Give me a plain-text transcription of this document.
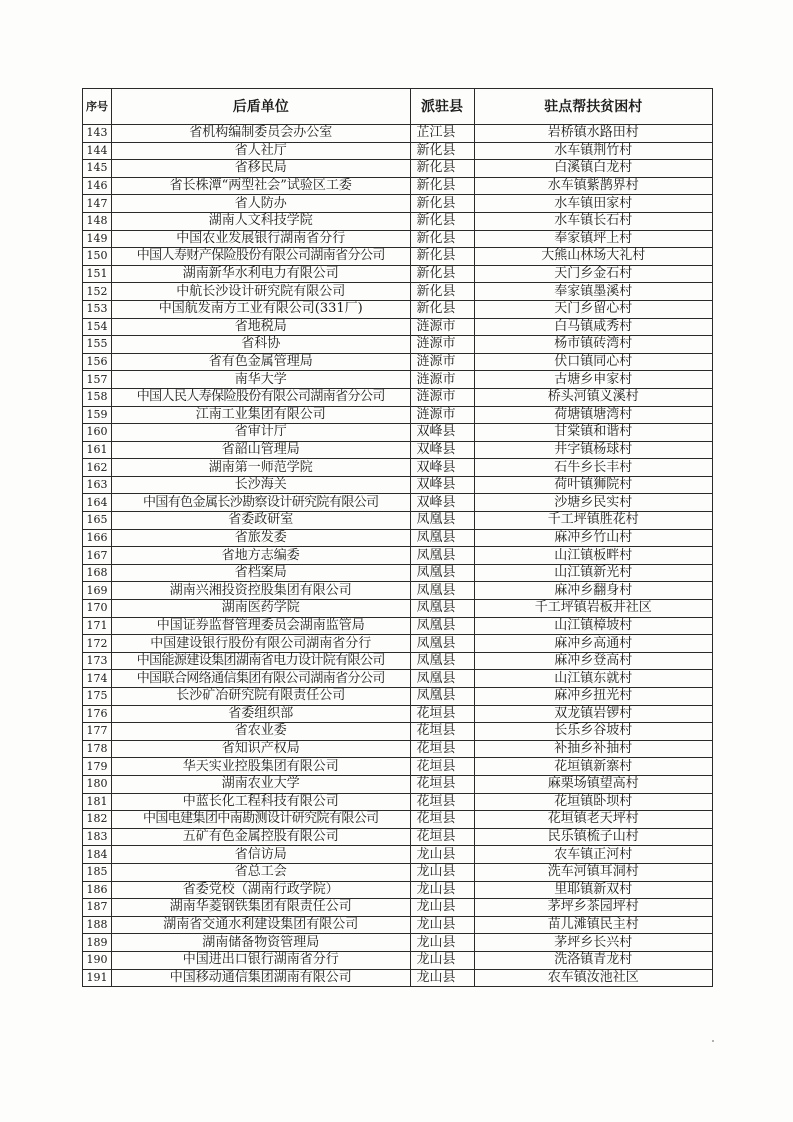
序号	后盾单位	派驻县	驻点帮扶贫困村
143	省机构编制委员会办公室	芷江县	岩桥镇水路田村
144	省人社厅	新化县	水车镇荆竹村
145	省移民局	新化县	白溪镇白龙村
146	省长株潭“两型社会”试验区工委	新化县	水车镇紫鹊界村
147	省人防办	新化县	水车镇田家村
148	湖南人文科技学院	新化县	水车镇长石村
149	中国农业发展银行湖南省分行	新化县	奉家镇坪上村
150	中国人寿财产保险股份有限公司湖南省分公司	新化县	大熊山林场大礼村
151	湖南新华水利电力有限公司	新化县	天门乡金石村
152	中航长沙设计研究院有限公司	新化县	奉家镇墨溪村
153	中国航发南方工业有限公司(331厂)	新化县	天门乡留心村
154	省地税局	涟源市	白马镇咸秀村
155	省科协	涟源市	杨市镇砖湾村
156	省有色金属管理局	涟源市	伏口镇同心村
157	南华大学	涟源市	古塘乡申家村
158	中国人民人寿保险股份有限公司湖南省分公司	涟源市	桥头河镇义溪村
159	江南工业集团有限公司	涟源市	荷塘镇塘湾村
160	省审计厅	双峰县	甘棠镇和谐村
161	省韶山管理局	双峰县	井字镇杨球村
162	湖南第一师范学院	双峰县	石牛乡长丰村
163	长沙海关	双峰县	荷叶镇狮院村
164	中国有色金属长沙勘察设计研究院有限公司	双峰县	沙塘乡民实村
165	省委政研室	凤凰县	千工坪镇胜花村
166	省旅发委	凤凰县	麻冲乡竹山村
167	省地方志编委	凤凰县	山江镇板畔村
168	省档案局	凤凰县	山江镇新光村
169	湖南兴湘投资控股集团有限公司	凤凰县	麻冲乡翻身村
170	湖南医药学院	凤凰县	千工坪镇岩板井社区
171	中国证券监督管理委员会湖南监管局	凤凰县	山江镇樟坡村
172	中国建设银行股份有限公司湖南省分行	凤凰县	麻冲乡高通村
173	中国能源建设集团湖南省电力设计院有限公司	凤凰县	麻冲乡登高村
174	中国联合网络通信集团有限公司湖南省分公司	凤凰县	山江镇东就村
175	长沙矿冶研究院有限责任公司	凤凰县	麻冲乡扭光村
176	省委组织部	花垣县	双龙镇岩锣村
177	省农业委	花垣县	长乐乡谷坡村
178	省知识产权局	花垣县	补抽乡补抽村
179	华天实业控股集团有限公司	花垣县	花垣镇新寨村
180	湖南农业大学	花垣县	麻栗场镇望高村
181	中蓝长化工程科技有限公司	花垣县	花垣镇卧坝村
182	中国电建集团中南勘测设计研究院有限公司	花垣县	花垣镇老天坪村
183	五矿有色金属控股有限公司	花垣县	民乐镇梳子山村
184	省信访局	龙山县	农车镇正河村
185	省总工会	龙山县	洗车河镇耳洞村
186	省委党校（湖南行政学院）	龙山县	里耶镇新双村
187	湖南华菱钢铁集团有限责任公司	龙山县	茅坪乡茶园坪村
188	湖南省交通水利建设集团有限公司	龙山县	苗儿滩镇民主村
189	湖南储备物资管理局	龙山县	茅坪乡长兴村
190	中国进出口银行湖南省分行	龙山县	洗洛镇青龙村
191	中国移动通信集团湖南有限公司	龙山县	农车镇汝池社区
